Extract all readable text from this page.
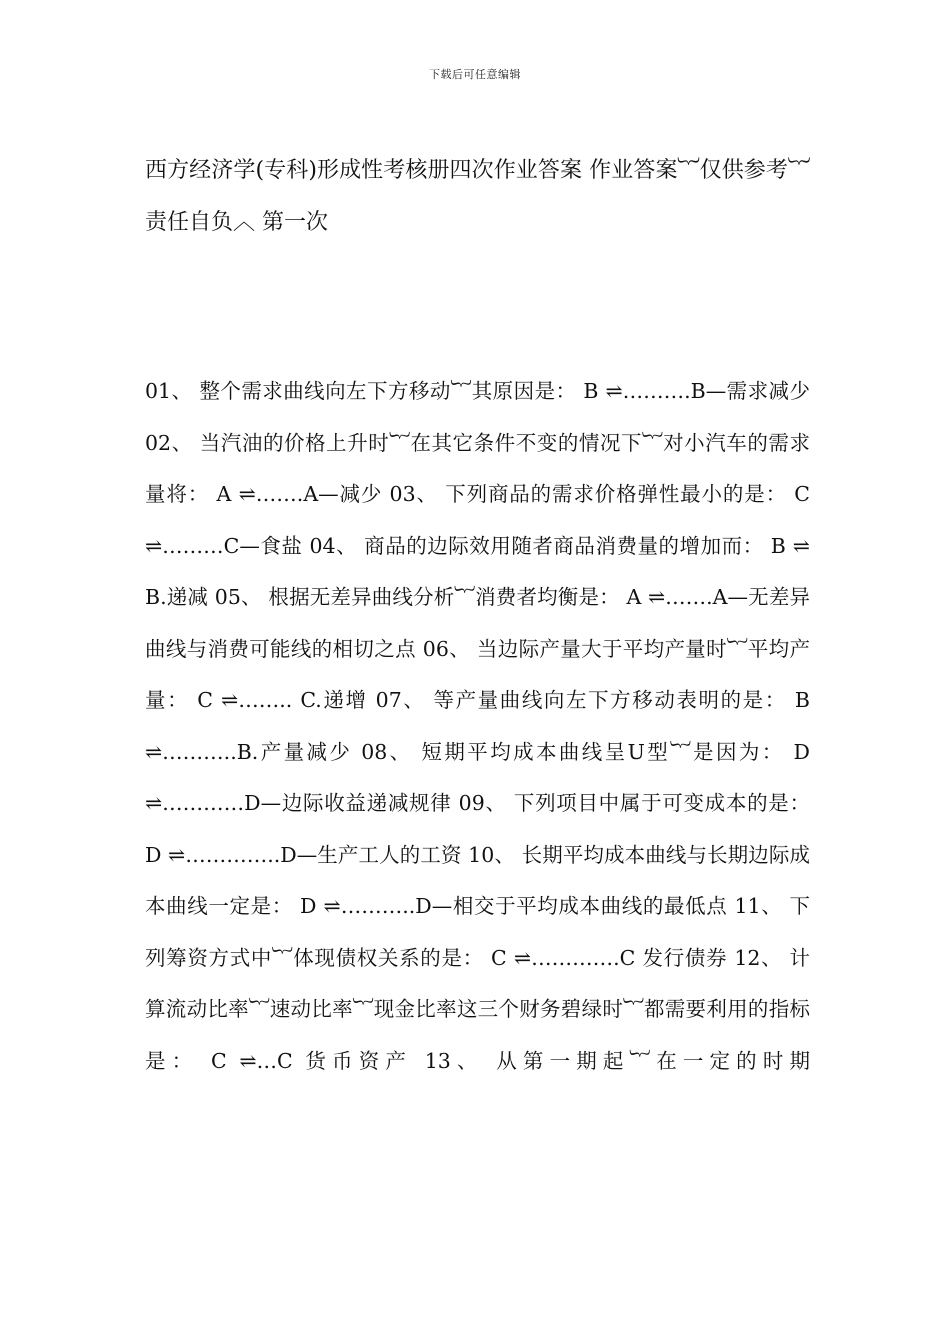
下载后可任意编辑
西方经济学(专科)形成性考核册四次作业答案 作业答案︸仅供参考︸责任自负︿ 第一次

01、 整个需求曲线向左下方移动︸其原因是： B ⇌……….B—需求减少 02、 当汽油的价格上升时︸在其它条件不变的情况下︸对小汽车的需求量将： A ⇌…….A—减少 03、 下列商品的需求价格弹性最小的是： C ⇌………C—食盐 04、 商品的边际效用随者商品消费量的增加而： B ⇌ B.递减 05、 根据无差异曲线分析︸消费者均衡是： A ⇌…….A—无差异曲线与消费可能线的相切之点 06、 当边际产量大于平均产量时︸平均产量： C ⇌…….. C.递增 07、 等产量曲线向左下方移动表明的是： B ⇌………..B.产量减少 08、 短期平均成本曲线呈U型︸是因为： D ⇌…………D—边际收益递减规律 09、 下列项目中属于可变成本的是： D ⇌…………..D—生产工人的工资 10、 长期平均成本曲线与长期边际成本曲线一定是： D ⇌………..D—相交于平均成本曲线的最低点 11、 下列筹资方式中︸体现债权关系的是： C ⇌………….C 发行债券 12、 计算流动比率︸速动比率︸现金比率这三个财务碧绿时︸都需要利用的指标是： C ⇌…C 货币资产 13、 从第一期起︸在一定的时期
